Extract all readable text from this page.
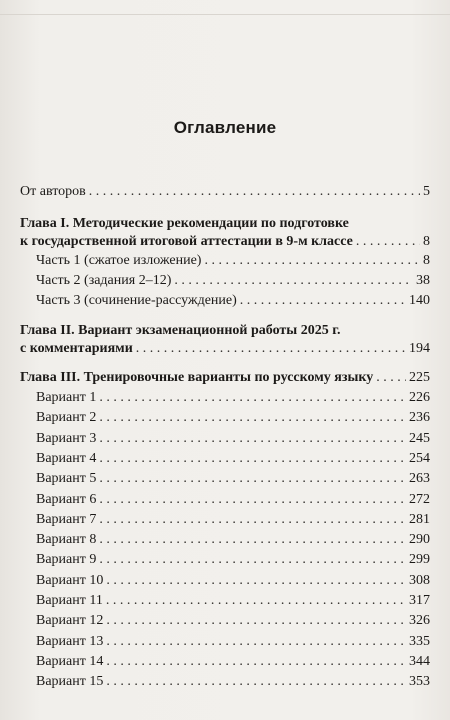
Оглавление
От авторов . . .	5
Глава I. Методические рекомендации по подготовке
к государственной итоговой аттестации в 9-м классе . . .	8
Часть 1 (сжатое изложение) . . .	8
Часть 2 (задания 2–12) . . .	38
Часть 3 (сочинение-рассуждение) . . .	140
Глава II. Вариант экзаменационной работы 2025 г.
с комментариями . . .	194
Глава III. Тренировочные варианты по русскому языку . . .	225
Вариант 1 . . .	226
Вариант 2 . . .	236
Вариант 3 . . .	245
Вариант 4 . . .	254
Вариант 5 . . .	263
Вариант 6 . . .	272
Вариант 7 . . .	281
Вариант 8 . . .	290
Вариант 9 . . .	299
Вариант 10 . . .	308
Вариант 11 . . .	317
Вариант 12 . . .	326
Вариант 13 . . .	335
Вариант 14 . . .	344
Вариант 15 . . .	353
